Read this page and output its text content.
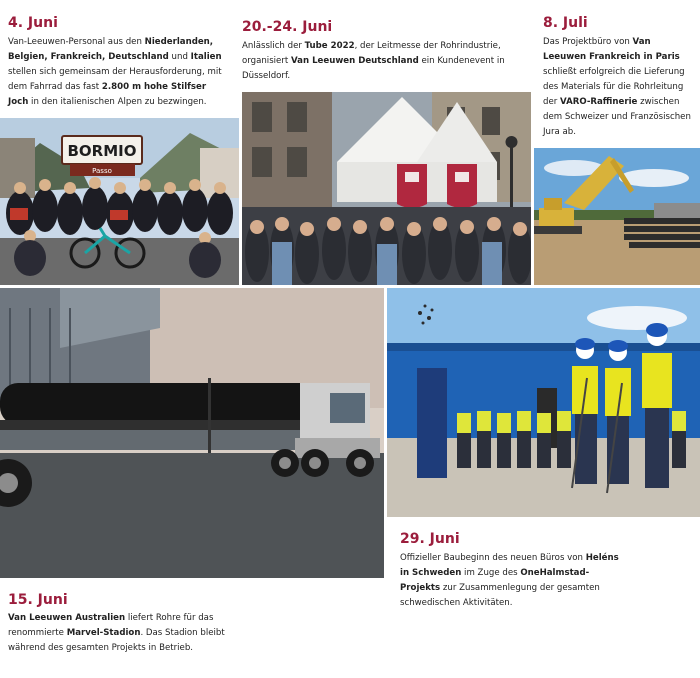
4. Juni

Van-Leeuwen-Personal aus den Niederlanden, Belgien, Frankreich, Deutschland und Italien stellen sich gemeinsam der Herausforderung, mit dem Fahrrad das fast 2.800 m hohe Stilfser Joch in den italienischen Alpen zu bezwingen.

20.-24. Juni

Anlässlich der Tube 2022, der Leitmesse der Rohrindustrie, organisiert Van Leeuwen Deutschland ein Kundenevent in Düsseldorf.

8. Juli

Das Projektbüro von Van Leeuwen Frankreich in Paris schließt erfolgreich die Lieferung des Materials für die Rohrleitung der VARO-Raffinerie zwischen dem Schweizer und Französischen Jura ab.

BORMIO
Passo
15. Juni

Van Leeuwen Australien liefert Rohre für das renommierte Marvel-Stadion. Das Stadion bleibt während des gesamten Projekts in Betrieb.

29. Juni

Offizieller Baubeginn des neuen Büros von Heléns in Schweden im Zuge des OneHalmstad-Projekts zur Zusammenlegung der gesamten schwedischen Aktivitäten.
